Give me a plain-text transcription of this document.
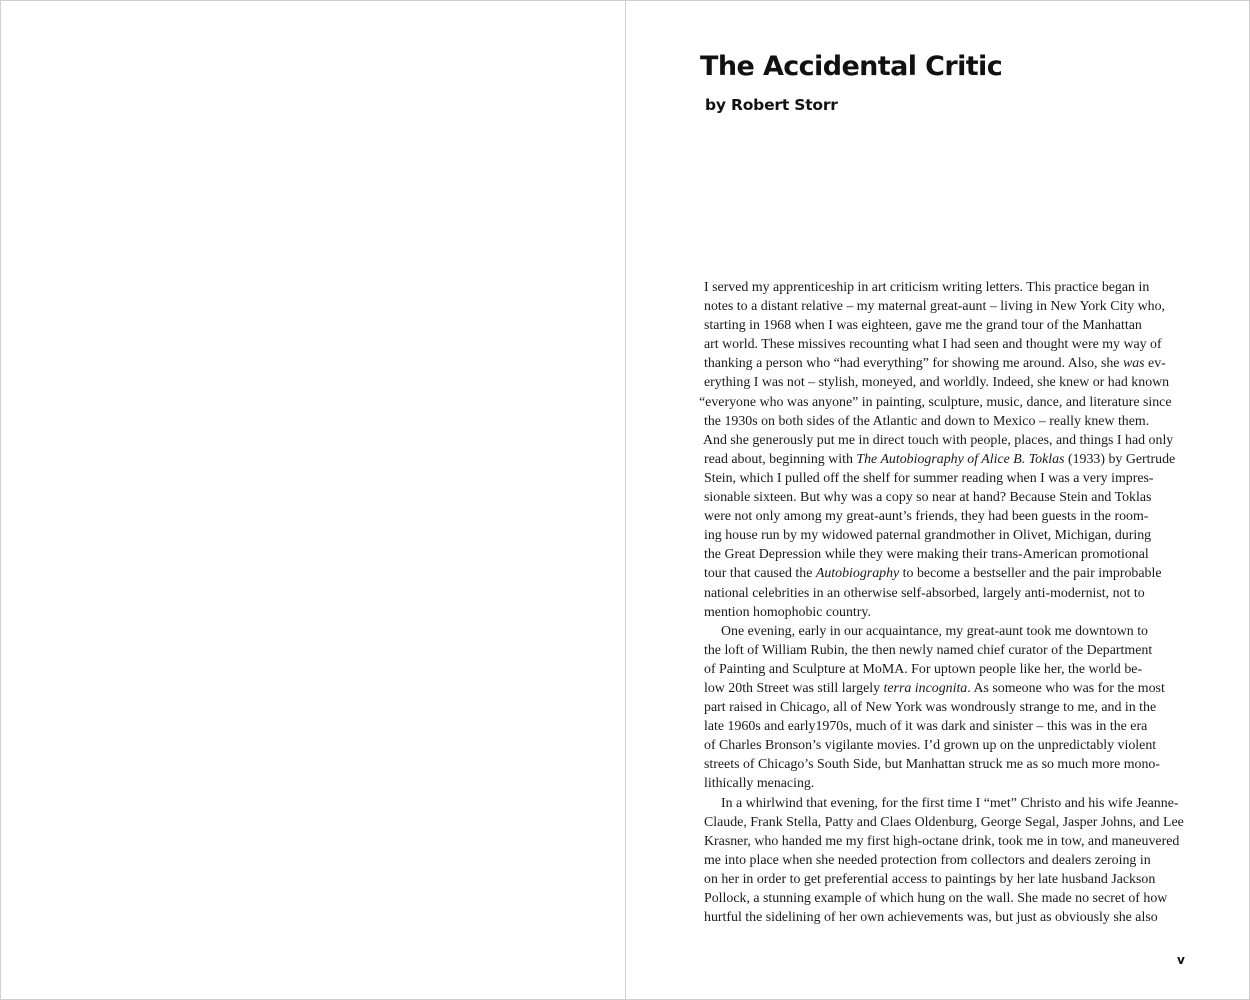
The Accidental Critic
by Robert Storr
I served my apprenticeship in art criticism writing letters. This practice began in
notes to a distant relative – my maternal great-aunt – living in New York City who,
starting in 1968 when I was eighteen, gave me the grand tour of the Manhattan
art world. These missives recounting what I had seen and thought were my way of
thanking a person who “had everything” for showing me around. Also, she was ev-
erything I was not – stylish, moneyed, and worldly. Indeed, she knew or had known
“everyone who was anyone” in painting, sculpture, music, dance, and literature since
the 1930s on both sides of the Atlantic and down to Mexico – really knew them.
And she generously put me in direct touch with people, places, and things I had only
read about, beginning with The Autobiography of Alice B. Toklas (1933) by Gertrude
Stein, which I pulled off the shelf for summer reading when I was a very impres-
sionable sixteen. But why was a copy so near at hand? Because Stein and Toklas
were not only among my great-aunt’s friends, they had been guests in the room-
ing house run by my widowed paternal grandmother in Olivet, Michigan, during
the Great Depression while they were making their trans-American promotional
tour that caused the Autobiography to become a bestseller and the pair improbable
national celebrities in an otherwise self-absorbed, largely anti-modernist, not to
mention homophobic country.
One evening, early in our acquaintance, my great-aunt took me downtown to
the loft of William Rubin, the then newly named chief curator of the Department
of Painting and Sculpture at MoMA. For uptown people like her, the world be-
low 20th Street was still largely terra incognita. As someone who was for the most
part raised in Chicago, all of New York was wondrously strange to me, and in the
late 1960s and early1970s, much of it was dark and sinister – this was in the era
of Charles Bronson’s vigilante movies. I’d grown up on the unpredictably violent
streets of Chicago’s South Side, but Manhattan struck me as so much more mono-
lithically menacing.
In a whirlwind that evening, for the first time I “met” Christo and his wife Jeanne-
Claude, Frank Stella, Patty and Claes Oldenburg, George Segal, Jasper Johns, and Lee
Krasner, who handed me my first high-octane drink, took me in tow, and maneuvered
me into place when she needed protection from collectors and dealers zeroing in
on her in order to get preferential access to paintings by her late husband Jackson
Pollock, a stunning example of which hung on the wall. She made no secret of how
hurtful the sidelining of her own achievements was, but just as obviously she also
v
